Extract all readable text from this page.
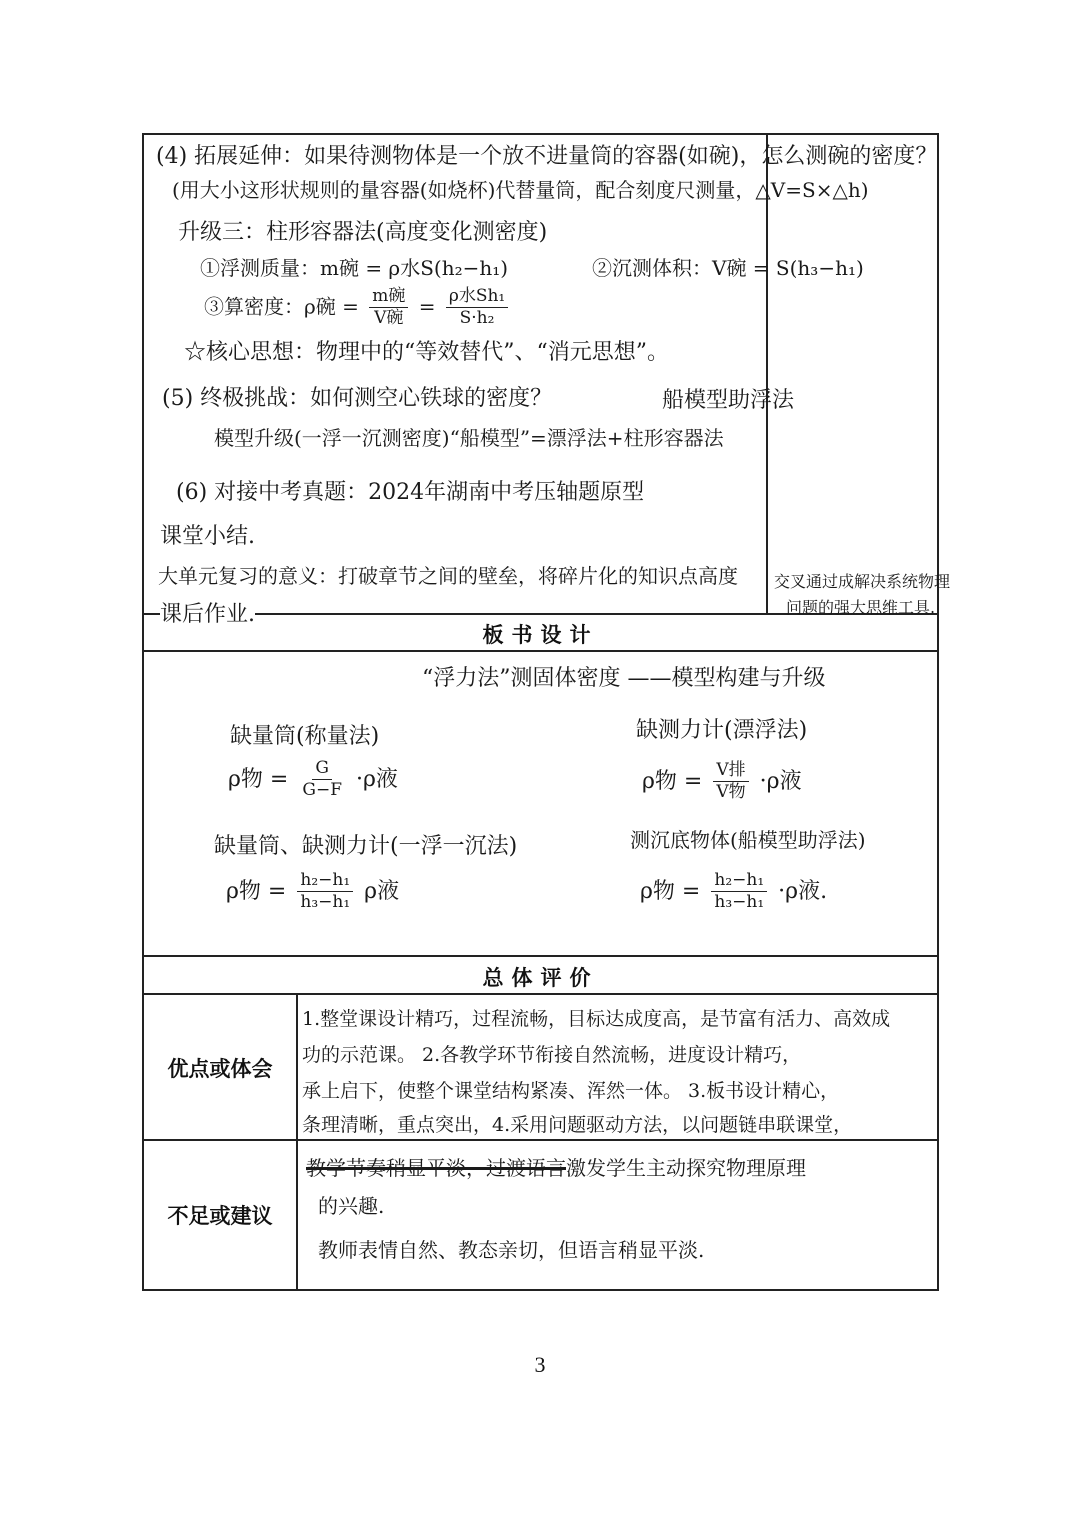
(4) 拓展延伸：如果待测物体是一个放不进量筒的容器(如碗)，怎么测碗的密度？
(用大小这形状规则的量容器(如烧杯)代替量筒，配合刻度尺测量，△V=S×△h)
升级三：柱形容器法(高度变化测密度)
①浮测质量：m碗 = ρ水S(h₂−h₁)	②沉测体积：V碗 = S(h₃−h₁)
③算密度：ρ碗 = $\frac{\text{m碗}}{\text{V碗}} = \frac{\text{ρ水Sh₁}}{\text{S·h₂}}$
☆核心思想：物理中的“等效替代”、“消元思想”。
(5) 终极挑战：如何测空心铁球的密度？	船模型助浮法
模型升级(一浮一沉测密度)“船模型”=漂浮法+柱形容器法
(6) 对接中考真题：2024年湖南中考压轴题原型
课堂小结.
大单元复习的意义：打破章节之间的壁垒，将碎片化的知识点高度
课后作业.
交叉通过成解决系统物理
问题的强大思维工具.
板书设计
“浮力法”测固体密度 ——模型构建与升级
缺量筒(称量法)
ρ物 = $\frac{G}{G-F} \cdot\rho$液
缺测力计(漂浮法)
ρ物 = $\frac{\text{V排}}{\text{V物}} \cdot\rho$液
缺量筒、缺测力计(一浮一沉法)
ρ物 = $\frac{\text{h₂−h₁}}{\text{h₃−h₁}}$ ρ液
测沉底物体(船模型助浮法)
ρ物 = $\frac{\text{h₂−h₁}}{\text{h₃−h₁}} \cdot\rho$液.
总体评价
优点或体会
1.整堂课设计精巧，过程流畅，目标达成度高，是节富有活力、高效成
功的示范课。 2.各教学环节衔接自然流畅，进度设计精巧，
承上启下，使整个课堂结构紧凑、浑然一体。 3.板书设计精心，
条理清晰，重点突出，4.采用问题驱动方法，以问题链串联课堂，
不足或建议
教学节奏稍显平淡，过渡语言激发学生主动探究物理原理
的兴趣.
教师表情自然、教态亲切，但语言稍显平淡.
3
